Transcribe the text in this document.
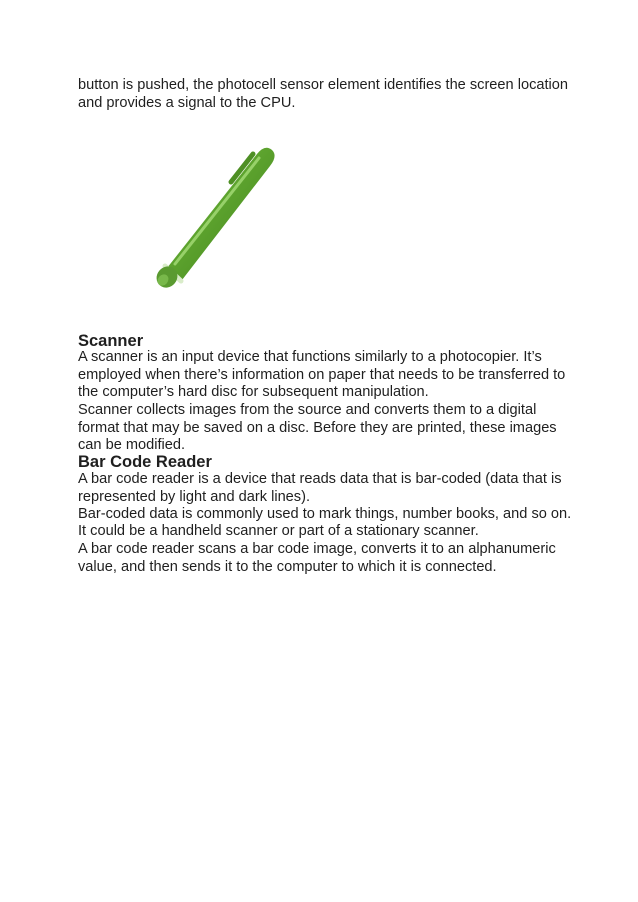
button is pushed, the photocell sensor element identifies the screen location and provides a signal to the CPU.

Scanner

A scanner is an input device that functions similarly to a photocopier. It’s employed when there’s information on paper that needs to be transferred to the computer’s hard disc for subsequent manipulation.

Scanner collects images from the source and converts them to a digital format that may be saved on a disc. Before they are printed, these images can be modified.

Bar Code Reader

A bar code reader is a device that reads data that is bar-coded (data that is represented by light and dark lines).

Bar-coded data is commonly used to mark things, number books, and so on.

It could be a handheld scanner or part of a stationary scanner.

A bar code reader scans a bar code image, converts it to an alphanumeric value, and then sends it to the computer to which it is connected.
